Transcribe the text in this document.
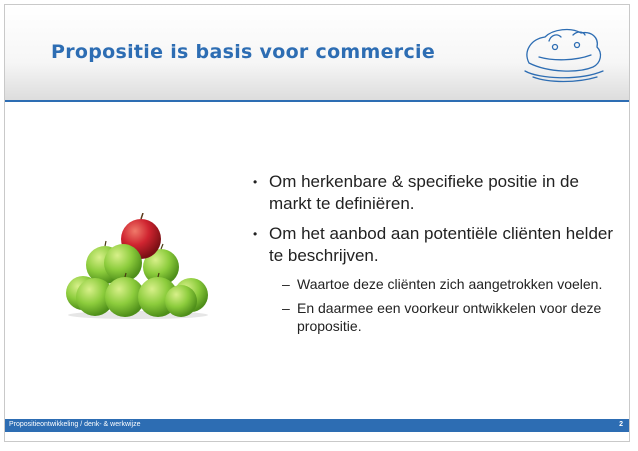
Propositie is basis voor commercie
• Om herkenbare & specifieke positie in de markt te definiëren.
• Om het aanbod aan potentiële cliënten helder te beschrijven.
– Waartoe deze cliënten zich aangetrokken voelen.
– En daarmee een voorkeur ontwikkelen voor deze propositie.
Propositieontwikkeling / denk- & werkwijze	2
